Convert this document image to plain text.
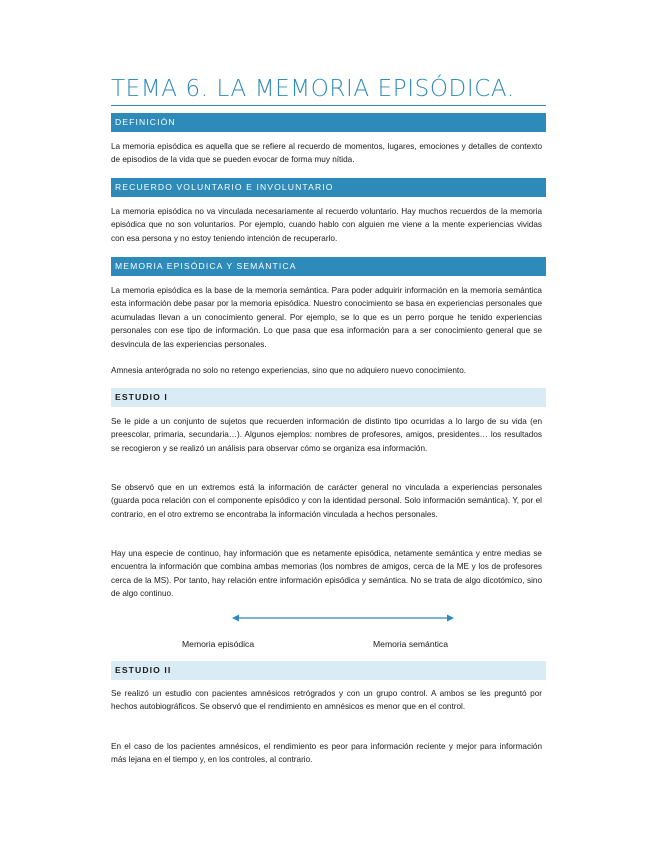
TEMA 6. LA MEMORIA EPISÓDICA.
DEFINICIÓN

La memoria episódica es aquella que se refiere al recuerdo de momentos, lugares, emociones y detalles de contexto de episodios de la vida que se pueden evocar de forma muy nítida.

RECUERDO VOLUNTARIO E INVOLUNTARIO

La memoria episódica no va vinculada necesariamente al recuerdo voluntario. Hay muchos recuerdos de la memoria episódica que no son voluntarios. Por ejemplo, cuando hablo con alguien me viene a la mente experiencias vividas con esa persona y no estoy teniendo intención de recuperarlo.

MEMORIA EPISÓDICA Y SEMÁNTICA

La memoria episódica es la base de la memoria semántica. Para poder adquirir información en la memoria semántica esta información debe pasar por la memoria episódica. Nuestro conocimiento se basa en experiencias personales que acumuladas llevan a un conocimiento general. Por ejemplo, se lo que es un perro porque he tenido experiencias personales con ese tipo de información. Lo que pasa que esa información para a ser conocimiento general que se desvincula de las experiencias personales.

Amnesia anterógrada no solo no retengo experiencias, sino que no adquiero nuevo conocimiento.

ESTUDIO I

Se le pide a un conjunto de sujetos que recuerden información de distinto tipo ocurridas a lo largo de su vida (en preescolar, primaria, secundaria…). Algunos ejemplos: nombres de profesores, amigos, presidentes… los resultados se recogieron y se realizó un análisis para observar cómo se organiza esa información.

Se observó que en un extremos está la información de carácter general no vinculada a experiencias personales (guarda poca relación con el componente episódico y con la identidad personal. Solo información semántica). Y, por el contrario, en el otro extremo se encontraba la información vinculada a hechos personales.

Hay una especie de continuo, hay información que es netamente episódica, netamente semántica y entre medias se encuentra la información que combina ambas memorias (los nombres de amigos, cerca de la ME y los de profesores cerca de la MS). Por tanto, hay relación entre información episódica y semántica. No se trata de algo dicotómico, sino de algo continuo.

Memoria episódica	Memoria semántica
ESTUDIO II

Se realizó un estudio con pacientes amnésicos retrógrados y con un grupo control. A ambos se les preguntó por hechos autobiográficos. Se observó que el rendimiento en amnésicos es menor que en el control.

En el caso de los pacientes amnésicos, el rendimiento es peor para información reciente y mejor para información más lejana en el tiempo y, en los controles, al contrario.
